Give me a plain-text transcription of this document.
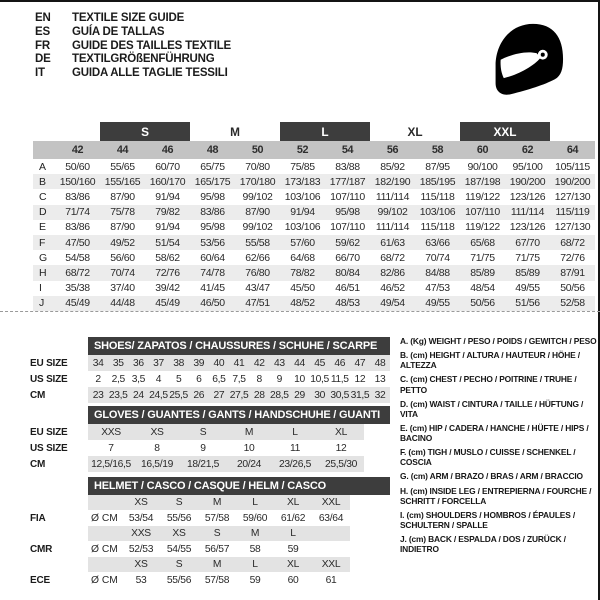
EN	TEXTILE SIZE GUIDE
ES	GUÍA DE TALLAS
FR	GUIDE DES TAILLES TEXTILE
DE	TEXTILGRÖßENFÜHRUNG
IT	GUIDA ALLE TAGLIE TESSILI
S	M	L	XL	XXL
42	44	46	48	50	52	54	56	58	60	62	64
A	50/60	55/65	60/70	65/75	70/80	75/85	83/88	85/92	87/95	90/100	95/100	105/115
B	150/160 155/165 160/170 165/175 170/180 173/183 177/187 182/190 185/195 187/198 190/200 190/200
C	83/86	87/90	91/94	95/98	99/102	103/106 107/110	111/114	115/118	119/122 123/126 127/130
D	71/74	75/78	79/82	83/86	87/90	91/94	95/98	99/102	103/106 107/110	111/114	115/119
E	83/86	87/90	91/94	95/98	99/102	103/106 107/110	111/114	115/118	119/122 123/126 127/130
F	47/50	49/52	51/54	53/56	55/58	57/60	59/62	61/63	63/66	65/68	67/70	68/72
G	54/58	56/60	58/62	60/64	62/66	64/68	66/70	68/72	70/74	71/75	71/75	72/76
H	68/72	70/74	72/76	74/78	76/80	78/82	80/84	82/86	84/88	85/89	85/89	87/91
I	35/38	37/40	39/42	41/45	43/47	45/50	46/51	46/52	47/53	48/54	49/55	50/56
J	45/49	44/48	45/49	46/50	47/51	48/52	48/53	49/54	49/55	50/56	51/56	52/58
SHOES/ ZAPATOS / CHAUSSURES / SCHUHE / SCARPE
EU SIZE	34 35 36 37 38 39 40 41 42 43 44 45 46 47 48
US SIZE	2	2,5 3,5	4	5	6	6,5 7,5	8	9	10 10,5 11,5 12 13
CM	23 23,5 24 24,5 25,5 26 27 27,5 28 28,5 29 30 30,5 31,5 32
GLOVES / GUANTES / GANTS / HANDSCHUHE / GUANTI
EU SIZE	XXS	XS	S	M	L	XL
US SIZE	7	8	9	10	11	12
CM	12,5/16,5 16,5/19	18/21,5	20/24	23/26,5	25,5/30
HELMET / CASCO / CASQUE / HELM / CASCO
XS	S	M	L	XL	XXL
FIA	Ø CM	53/54	55/56	57/58	59/60	61/62	63/64
XXS	XS	S	M	L
CMR	Ø CM	52/53	54/55	56/57	58	59
XS	S	M	L	XL	XXL
ECE	Ø CM	53	55/56	57/58	59	60	61
A. (Kg) WEIGHT / PESO / POIDS / GEWITCH / PESO
B. (cm) HEIGHT / ALTURA / HAUTEUR / HÖHE / ALTEZZA
C. (cm) CHEST / PECHO / POITRINE / TRUHE / PETTO
D. (cm) WAIST / CINTURA / TAILLE / HÜFTUNG / VITA
E. (cm) HIP / CADERA / HANCHE / HÜFTE / HIPS / BACINO
F. (cm) TIGH / MUSLO / CUISSE / SCHENKEL / COSCIA
G. (cm) ARM / BRAZO / BRAS / ARM / BRACCIO
H. (cm) INSIDE LEG / ENTREPIERNA / FOURCHE / SCHRITT / FORCELLA
I. (cm) SHOULDERS / HOMBROS / ÉPAULES / SCHULTERN / SPALLE
J. (cm) BACK / ESPALDA / DOS / ZURÜCK / INDIETRO
